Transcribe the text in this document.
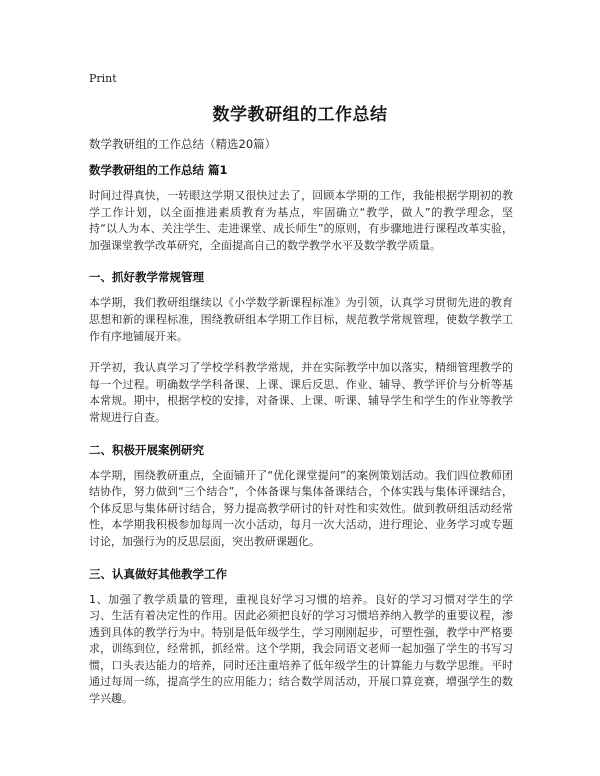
Print
数学教研组的工作总结

数学教研组的工作总结（精选20篇）

数学教研组的工作总结 篇1

时间过得真快，一转眼这学期又很快过去了，回顾本学期的工作，我能根据学期初的教学工作计划，以全面推进素质教育为基点，牢固确立“教学，做人”的教学理念，坚持“以人为本、关注学生、走进课堂、成长师生”的原则，有步骤地进行课程改革实验，加强课堂教学改革研究，全面提高自己的数学教学水平及数学教学质量。

一、抓好教学常规管理

本学期，我们教研组继续以《小学数学新课程标准》为引领，认真学习贯彻先进的教育思想和新的课程标准，围绕教研组本学期工作目标，规范教学常规管理，使数学教学工作有序地铺展开来。

开学初，我认真学习了学校学科教学常规，并在实际教学中加以落实，精细管理教学的每一个过程。明确数学学科备课、上课、课后反思、作业、辅导、教学评价与分析等基本常规。期中，根据学校的安排，对备课、上课、听课、辅导学生和学生的作业等教学常规进行自查。

二、积极开展案例研究

本学期，围绕教研重点，全面铺开了“优化课堂提问”的案例策划活动。我们四位教师团结协作，努力做到“三个结合”，个体备课与集体备课结合，个体实践与集体评课结合，个体反思与集体研讨结合，努力提高教学研讨的针对性和实效性。做到教研组活动经常性，本学期我积极参加每周一次小活动，每月一次大活动，进行理论、业务学习或专题讨论，加强行为的反思层面，突出教研课题化。

三、认真做好其他教学工作

1、加强了教学质量的管理，重视良好学习习惯的培养。良好的学习习惯对学生的学习、生活有着决定性的作用。因此必须把良好的学习习惯培养纳入教学的重要议程，渗透到具体的教学行为中。特别是低年级学生，学习刚刚起步，可塑性强，教学中严格要求，训练到位，经常抓，抓经常。这个学期，我会同语文老师一起加强了学生的书写习惯，口头表达能力的培养，同时还注重培养了低年级学生的计算能力与数学思维。平时通过每周一练，提高学生的应用能力；结合数学周活动，开展口算竞赛，增强学生的数学兴趣。
